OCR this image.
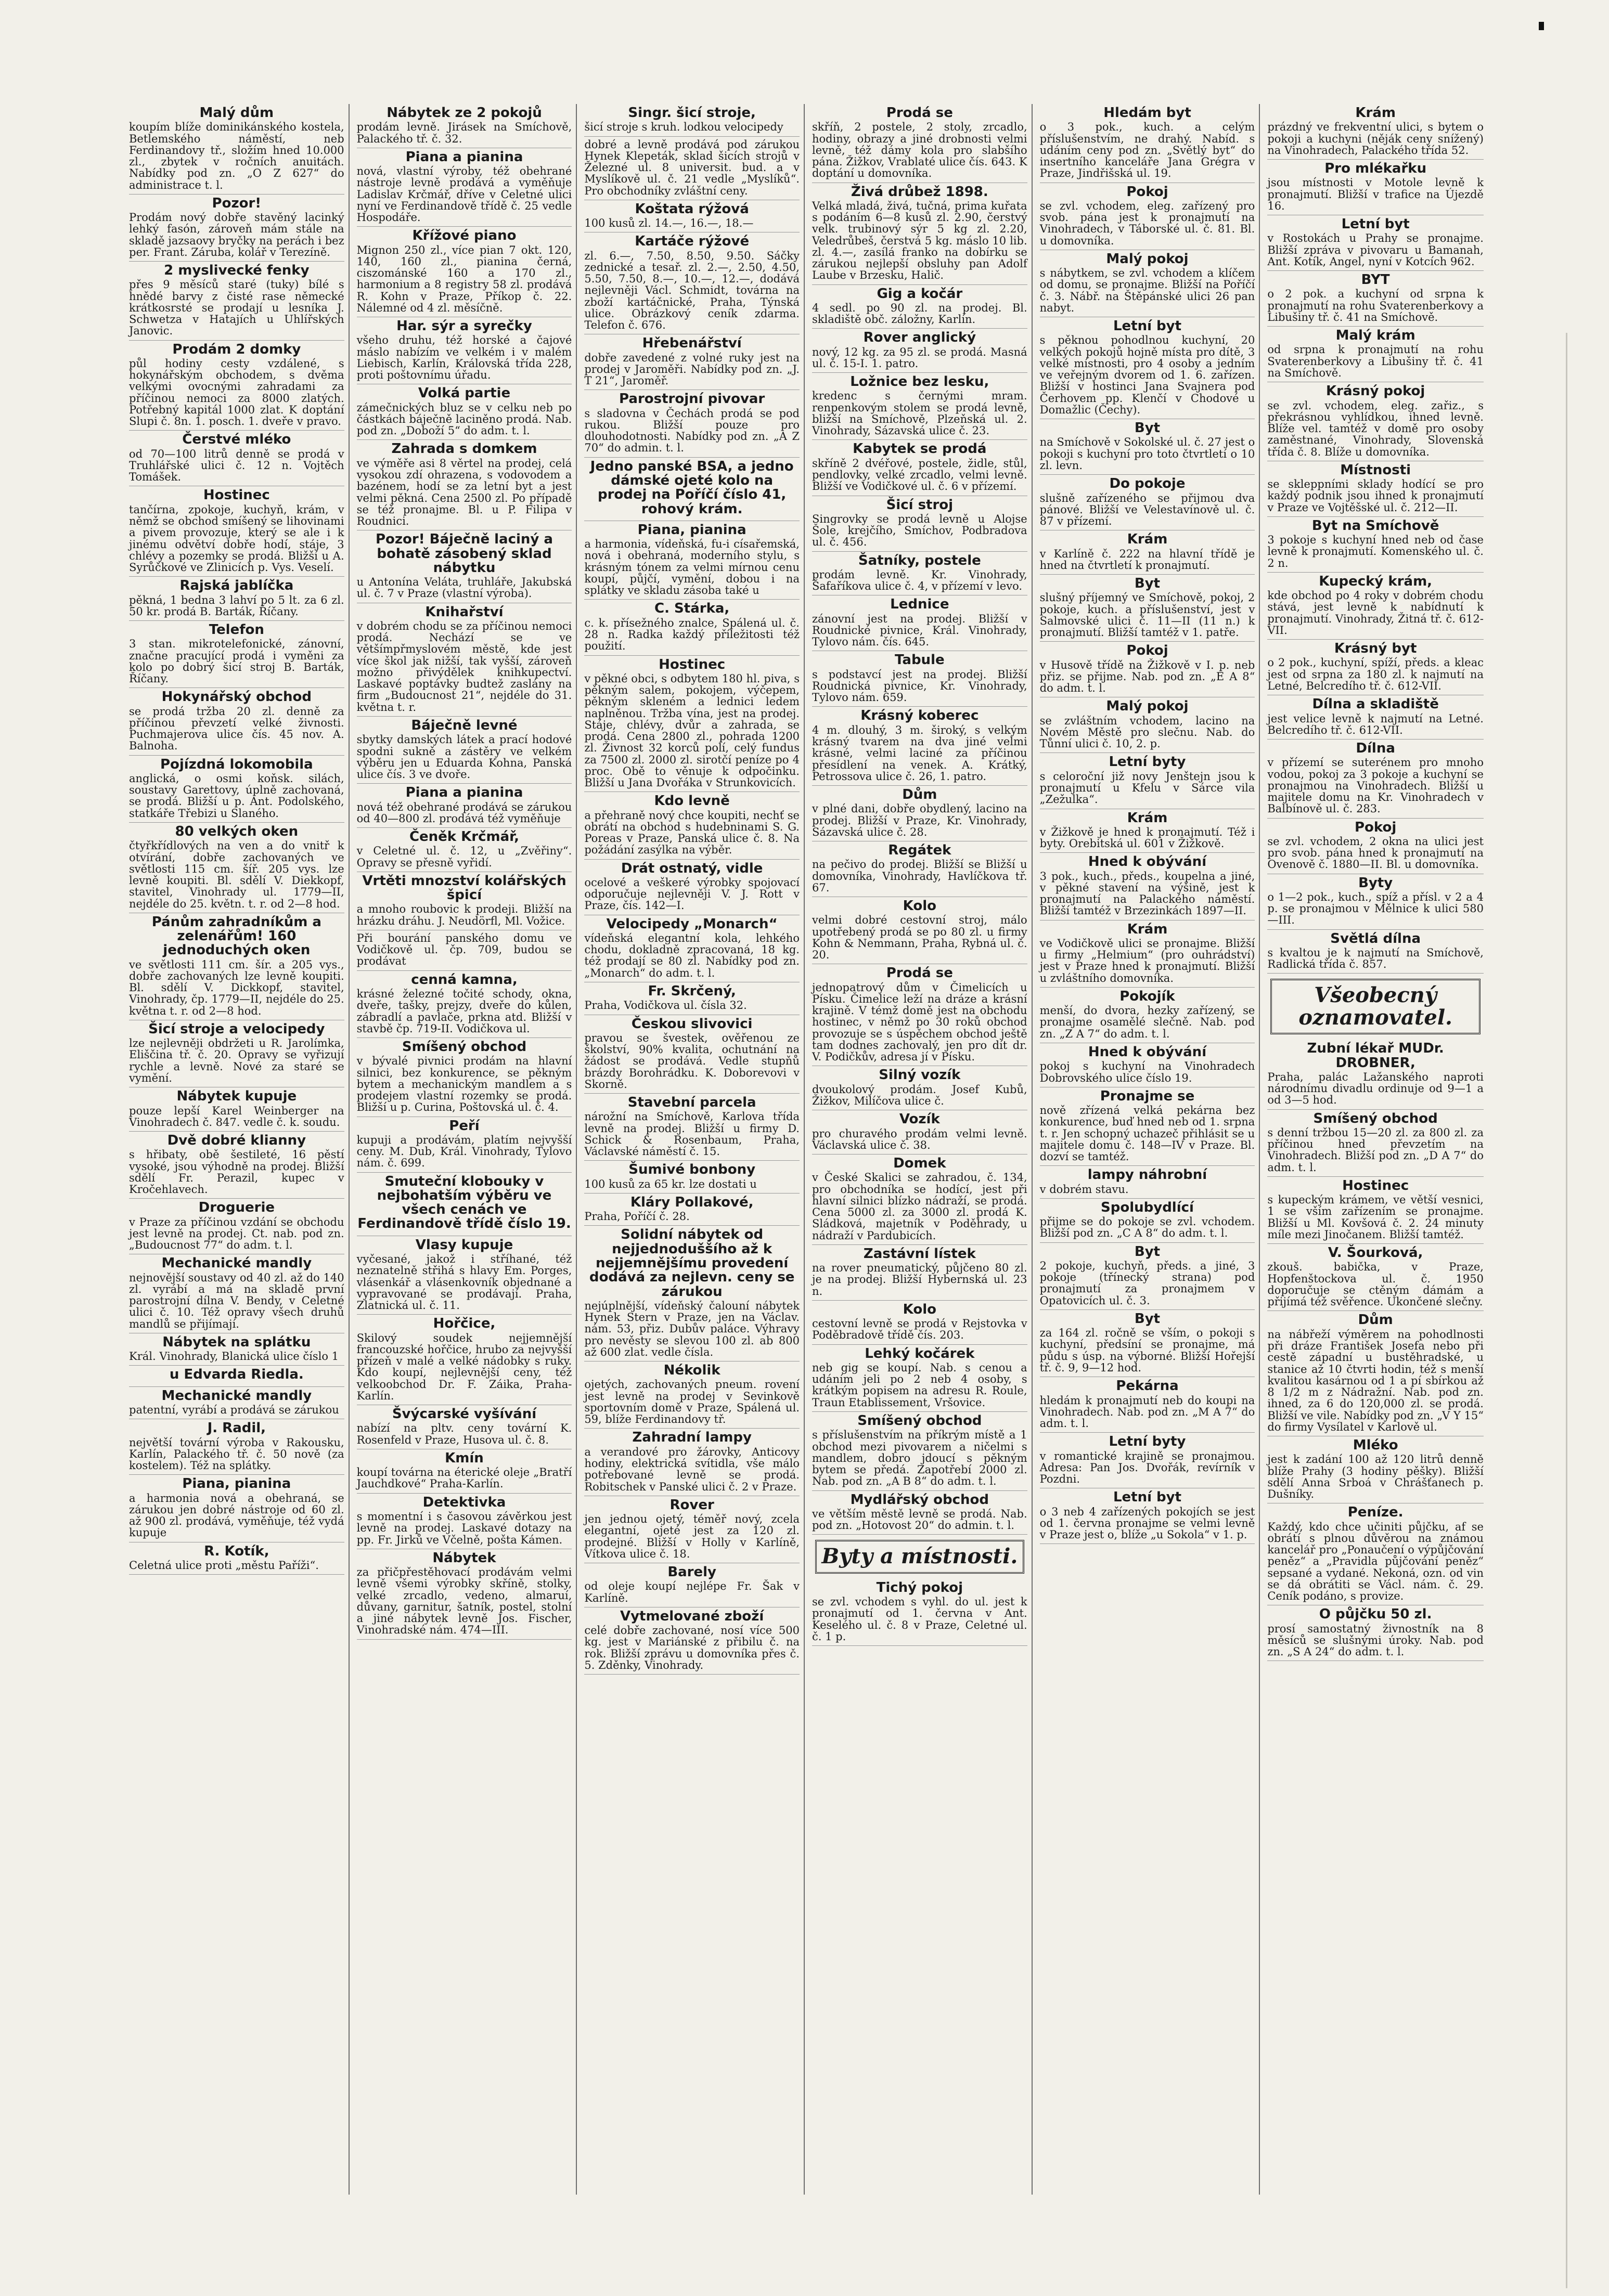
Malý dům
koupím blíže dominikánského kostela, Betlemského náměstí, neb Ferdinandovy tř., složím hned 10.000 zl., zbytek v ročních anuitách. Nabídky pod zn. „O Z 627“ do administrace t. l.
Pozor!
Prodám nový dobře stavěný lacinký lehký fasón, zároveň mám stále na skladě jazsaovy bryčky na perách i bez per. Frant. Záruba, kolář v Terezíně.
2 myslivecké fenky
přes 9 měsíců staré (tuky) bílé s hnědé barvy z čisté rase německé krátkosrsté se prodají u lesníka J. Schwetza v Hatajích u Uhlířských Janovic.
Prodám 2 domky
půl hodiny cesty vzdálené, s hokynářským obchodem, s dvěma velkými ovocnými zahradami za příčinou nemoci za 8000 zlatých. Potřebný kapitál 1000 zlat. K doptání Slupi č. 8n. 1. posch. 1. dveře v pravo.
Čerstvé mléko
od 70—100 litrů denně se prodá v Truhlářské ulici č. 12 n. Vojtěch Tomášek.
Hostinec
tančírna, zpokoje, kuchyň, krám, v němž se obchod smíšený se lihovinami a pivem provozuje, který se ale i k jinému odvětví dobře hodí, stáje, 3 chlévy a pozemky se prodá. Bližší u A. Syrůčkové ve Zlinicích p. Vys. Veselí.
Rajská jablíčka
pěkná, 1 bedna 3 lahví po 5 lt. za 6 zl. 50 kr. prodá B. Barták, Říčany.
Telefon
3 stan. mikrotelefonické, zánovní, značne pracující prodá i vyměni za kolo po dobrý šicí stroj B. Barták, Říčany.
Hokynářský obchod
se prodá tržba 20 zl. denně za příčinou převzetí velké živnosti. Puchmajerova ulice čís. 45 nov. A. Balnoha.
Pojízdná lokomobila
anglická, o osmi koňsk. silách, soustavy Garettovy, úplně zachovaná, se prodá. Bližší u p. Ant. Podolského, statkáře Třebizi u Slaného.
80 velkých oken
čtyřkřídlových na ven a do vnitř k otvírání, dobře zachovaných ve světlosti 115 cm. šíř. 205 vys. lze levně koupiti. Bl. sdělí V. Diekkopf, stavitel, Vinohrady ul. 1779—II, nejdéle do 25. květn. t. r. od 2—8 hod.
Pánům zahradníkům a zelenářům! 160 jednoduchých oken
ve světlosti 111 cm. šír. a 205 vys., dobře zachovaných lze levně koupiti. Bl. sdělí V. Dickkopf, stavitel, Vinohrady, čp. 1779—II, nejdéle do 25. května t. r. od 2—8 hod.
Šicí stroje a velocipedy
lze nejlevněji obdržeti u R. Jarolímka, Eliščina tř. č. 20. Opravy se vyřizují rychle a levně. Nové za staré se vymění.
Nábytek kupuje
pouze lepší Karel Weinberger na Vinohradech č. 847. vedle č. k. soudu.
Dvě dobré klianny
s hřibaty, obě šestileté, 16 pěstí vysoké, jsou výhodně na prodej. Bližší sdělí Fr. Perazil, kupec v Kročehlavech.
Droguerie
v Praze za příčinou vzdání se obchodu jest levně na prodej. Ct. nab. pod zn. „Budoucnost 77“ do adm. t. l.
Mechanické mandly
nejnovější soustavy od 40 zl. až do 140 zl. vyrábí a má na skladě první parostrojní dílna V. Bendy, v Celetné ulici č. 10. Též opravy všech druhů mandlů se přijímají.
Nábytek na splátku
Král. Vinohrady, Blanická ulice číslo 1
u Edvarda Riedla.
Mechanické mandly
patentní, vyrábí a prodává se zárukou
J. Radil,
největší tovární výroba v Rakousku, Karlín, Palackého tř. č. 50 nově (za kostelem). Též na splátky.
Piana, pianina
a harmonia nová a obehraná, se zárukou jen dobré nástroje od 60 zl. až 900 zl. prodává, vyměňuje, též vydá kupuje
R. Kotík,
Celetná ulice proti „městu Paříži“.
Nábytek ze 2 pokojů
prodám levně. Jirásek na Smíchově, Palackého tř. č. 32.
Piana a pianina
nová, vlastní výroby, též obehrané nástroje levně prodává a vyměňuje Ladislav Krčmář, dříve v Celetné ulici nyní ve Ferdinandově třídě č. 25 vedle Hospodáře.
Křížové piano
Mignon 250 zl., více pian 7 okt. 120, 140, 160 zl., pianina černá, ciszománské 160 a 170 zl., harmonium a 8 registry 58 zl. prodává R. Kohn v Praze, Příkop č. 22. Nálemné od 4 zl. měsíčně.
Har. sýr a syrečky
všeho druhu, též horské a čajové máslo nabízím ve velkém i v malém Liebisch, Karlín, Královská třída 228, proti poštovnímu úřadu.
Volká partie
zámečnických bluz se v celku neb po částkách báječně laciněno prodá. Nab. pod zn. „Doboží 5“ do adm. t. l.
Zahrada s domkem
ve výměře asi 8 věrtel na prodej, celá vysokou zdí ohrazena, s vodovodem a bazénem, hodí se za letní byt a jest velmi pěkná. Cena 2500 zl. Po případě se též pronajme. Bl. u P. Filipa v Roudnici.
Pozor! Báječně laciný a bohatě zásobený sklad nábytku
u Antonína Veláta, truhláře, Jakubská ul. č. 7 v Praze (vlastní výroba).
Knihařství
v dobrém chodu se za příčinou nemoci prodá. Nechází se ve většímpřmyslovém městě, kde jest více škol jak nižší, tak vyšší, zároveň možno přivýdělek knihkupectví. Laskavé poptávky budtež zaslány na firm „Budoucnost 21“, nejdéle do 31. května t. r.
Báječně levné
sbytky damských látek a prací hodové spodni sukně a zástěry ve velkém výběru jen u Eduarda Kohna, Panská ulice čís. 3 ve dvoře.
Piana a pianina
nová též obehrané prodává se zárukou od 40—800 zl. prodává též vyměňuje
Čeněk Krčmář,
v Celetné ul. č. 12, u „Zvěřiny“. Opravy se přesně vyřidí.
Vrtěti mnozství kolářských špicí
a mnoho roubovic k prodeji. Bližší na hrázku dráhu. J. Neudörfl, Ml. Vožice.
Při bourání panského domu ve Vodičkově ul. čp. 709, budou se prodávat
cenná kamna,
krásné železné točité schody, okna, dveře, tašky, prejzy, dveře do kůlen, zábradlí a pavlače, prkna atd. Bližší v stavbě čp. 719-II. Vodičkova ul.
Smíšený obchod
v bývalé pivnici prodám na hlavní silnici, bez konkurence, se pěkným bytem a mechanickým mandlem a s prodejem vlastní rozemky se prodá. Bližší u p. Curina, Poštovská ul. č. 4.
Peří
kupuji a prodávám, platím nejvyšší ceny. M. Dub, Král. Vinohrady, Tylovo nám. č. 699.
Smuteční klobouky v nejbohatším výběru ve všech cenách ve Ferdinandově třídě číslo 19.
Vlasy kupuje
vyčesané, jakož i stříhané, též neznatelně střihá s hlavy Em. Porges, vlásenkář a vlásenkovník objednané a vypravované se prodávají. Praha, Zlatnická ul. č. 11.
Hořčice,
Skilový soudek nejjemnější francouzské hořčice, hrubo za nejvyšší přízeň v malé a velké nádobky s ruky. Kdo koupí, nejlevnější ceny, též velkoobchod Dr. F. Záika, Praha-Karlín.
Švýcarské vyšívání
nabízí na pltv. ceny tovární K. Rosenfeld v Praze, Husova ul. č. 8.
Kmín
koupí továrna na éterické oleje „Bratří Jauchdkové“ Praha-Karlín.
Detektivka
s momentní i s časovou závěrkou jest levně na prodej. Laskavé dotazy na pp. Fr. Jirků ve Včelně, pošta Kámen.
Nábytek
za přičpřestěhovací prodávám velmi levně všemi výrobky skříně, stolky, velké zrcadlo, vedeno, almaruí, důvany, garnitur, šatník, postel, stolní a jiné nábytek levně Jos. Fischer, Vinohradské nám. 474—III.
Singr. šicí stroje,
šicí stroje s kruh. lodkou velocipedy
dobré a levně prodává pod zárukou Hynek Klepeták, sklad šicích strojů v Železné ul. 8 universit. bud. a v Myslíkově ul. č. 21 vedle „Myslíků“. Pro obchodníky zvláštní ceny.
Koštata rýžová
100 kusů zl. 14.—, 16.—, 18.—
Kartáče rýžové
zl. 6.—, 7.50, 8.50, 9.50. Sáčky zednické a tesař. zl. 2.—, 2.50, 4.50, 5.50, 7.50, 8.—, 10.—, 12.—, dodává nejlevněji Václ. Schmidt, továrna na zboží kartáčnické, Praha, Týnská ulice. Obrázkový ceník zdarma. Telefon č. 676.
Hřebenářství
dobře zavedené z volné ruky jest na prodej v Jaroměři. Nabídky pod zn. „J. T 21“, Jaroměř.
Parostrojní pivovar
s sladovna v Čechách prodá se pod rukou. Bližší pouze pro dlouhodotnosti. Nabídky pod zn. „A Z 70“ do admin. t. l.
Jedno panské BSA, a jedno dámské ojeté kolo na prodej na Poříčí číslo 41, rohový krám.
Piana, pianina
a harmonia, vídeňská, fu-i císařemská, nová i obehraná, moderního stylu, s krásným tónem za velmi mírnou cenu koupí, půjčí, vymění, dobou i na splátky ve skladu zásoba také u
C. Stárka,
c. k. přísežného znalce, Spálená ul. č. 28 n. Radka každý příležitosti též použití.
Hostinec
v pěkné obci, s odbytem 180 hl. piva, s pěkným salem, pokojem, výčepem, pěkným skleném a lednici ledem naplněnou. Tržba vína, jest na prodej. Stáje, chlévy, dvůr a zahrada, se prodá. Cena 2800 zl., pohrada 1200 zl. Živnost 32 korců polí, celý fundus za 7500 zl. 2000 zl. sirotčí peníze po 4 proc. Obě to věnuje k odpočinku. Bližší u Jana Dvořáka v Strunkovicích.
Kdo levně
a přehraně nový chce koupiti, nechť se obrátí na obchod s hudebninami S. G. Poreas v Praze, Panská ulice č. 8. Na požádání zasýlka na výběr.
Drát ostnatý, vidle
ocelové a veškeré výrobky spojovací odporučuje nejlevněji V. J. Rott v Praze, čís. 142—I.
Velocipedy „Monarch“
vídeňská elegantní kola, lehkého chodu, dokladně zpracovaná, 18 kg. též prodají se 80 zl. Nabídky pod zn. „Monarch“ do adm. t. l.
Fr. Skrčený,
Praha, Vodičkova ul. čísla 32.
Českou slivovici
pravou se švestek, ověřenou ze školství, 90% kvalita, ochutnání na žádost se prodává. Vedle stupňů brázdy Borohrádku. K. Doborevovi v Skorně.
Stavební parcela
nárožní na Smíchově, Karlova třída levně na prodej. Bližší u firmy D. Schick & Rosenbaum, Praha, Václavské náměstí č. 15.
Šumivé bonbony
100 kusů za 65 kr. lze dostati u
Kláry Pollakové,
Praha, Poříčí č. 28.
Solidní nábytek od nejjednoduššího až k nejjemnějšímu provedení dodává za nejlevn. ceny se zárukou
nejúplnější, vídeňský čalouní nábytek Hynek Stern v Praze, jen na Václav. nám. 53, přiz. Dubův paláce. Výhravy pro nevěsty se slevou 100 zl. ab 800 až 600 zlat. vedle čísla.
Nékolik
ojetých, zachovaných pneum. rovení jest levně na prodej v Sevinkově sportovním domě v Praze, Spálená ul. 59, blíže Ferdinandovy tř.
Zahradní lampy
a verandové pro žárovky, Anticovy hodiny, elektrická svítidla, vše málo potřebované levně se prodá. Robitschek v Panské ulici č. 2 v Praze.
Rover
jen jednou ojetý, téměř nový, zcela elegantní, ojeté jest za 120 zl. prodejné. Bližší v Holly v Karlíně, Vítkova ulice č. 18.
Barely
od oleje koupí nejlépe Fr. Šak v Karlíně.
Vytmelované zboží
celé dobře zachované, nosí více 500 kg. jest v Mariánské z přibilu č. na rok. Bližší zprávu u domovníka přes č. 5. Zděnky, Vinohrady.
Prodá se
skříň, 2 postele, 2 stoly, zrcadlo, hodiny, obrazy a jiné drobnosti velmi levně, též dámy kola pro slabšího pána. Žižkov, Vrablaté ulice čís. 643. K doptání u domovníka.
Živá drůbež 1898.
Velká mladá, živá, tučná, prima kuřata s podáním 6—8 kusů zl. 2.90, čerstvý velk. trubinový sýr 5 kg zl. 2.20, Veledrůbeš, čerstvá 5 kg. máslo 10 lib. zl. 4.—, zasílá franko na dobírku se zárukou nejlepší obsluhy pan Adolf Laube v Brzesku, Halič.
Gig a kočár
4 sedl. po 90 zl. na prodej. Bl. skladiště obč. záložny, Karlín.
Rover anglický
nový, 12 kg. za 95 zl. se prodá. Masná ul. č. 15-I. 1. patro.
Ložnice bez lesku,
kredenc s černými mram. renpenkovým stolem se prodá levně, bližší na Smíchově, Plzeňská ul. 2. Vinohrady, Sázavská ulice č. 23.
Kabytek se prodá
skříně 2 dvéřové, postele, židle, stůl, pendlovky, velké zrcadlo, velmi levně. Bližší ve Vodičkové ul. č. 6 v přízemí.
Šicí stroj
Singrovky se prodá levně u Alojse Šole, krejčího, Smíchov, Podbradova ul. č. 456.
Šatníky, postele
prodám levně. Kr. Vinohrady, Šafaříkova ulice č. 4, v přízemí v levo.
Lednice
zánovní jest na prodej. Bližší v Roudnické pivnice, Král. Vinohrady, Tylovo nám. čís. 645.
Tabule
s podstavcí jest na prodej. Bližší Roudnická pivnice, Kr. Vinohrady, Tylovo nám. 659.
Krásný koberec
4 m. dlouhý, 3 m. široký, s velkým krásný tvarem na dva jiné velmi krásné, velmi laciné za příčinou přesídlení na venek. A. Krátký, Petrossova ulice č. 26, 1. patro.
Dům
v plné dani, dobře obydlený, lacino na prodej. Bližší v Praze, Kr. Vinohrady, Sázavská ulice č. 28.
Regátek
na pečivo do prodej. Bližší se Bližší u domovníka, Vinohrady, Havlíčkova tř. 67.
Kolo
velmi dobré cestovní stroj, málo upotřebený prodá se po 80 zl. u firmy Kohn & Nemmann, Praha, Rybná ul. č. 20.
Prodá se
jednopatrový dům v Čimelicích u Písku. Čimelice leží na dráze a krásní krajině. V témž domě jest na obchodu hostinec, v němž po 30 roků obchod provozuje se s úspěchem obchod ještě tam dodnes zachovalý, jen pro dít dr. V. Podičkův, adresa jí v Písku.
Silný vozík
dvoukolový prodám. Josef Kubů, Žižkov, Milíčova ulice č.
Vozík
pro churavého prodám velmi levně. Václavská ulice č. 38.
Domek
v České Skalici se zahradou, č. 134, pro obchodníka se hodící, jest při hlavní silnici blízko nádraží, se prodá. Cena 5000 zl. za 3000 zl. prodá K. Sládková, majetník v Poděhrady, u nádraží v Pardubicích.
Zastávní lístek
na rover pneumatický, půjčeno 80 zl. je na prodej. Bližší Hybernská ul. 23 n.
Kolo
cestovní levně se prodá v Rejstovka v Poděbradově třídě čís. 203.
Lehký kočárek
neb gig se koupí. Nab. s cenou a udáním jeli po 2 neb 4 osoby, s krátkým popisem na adresu R. Roule, Traun Etablissement, Vršovice.
Smíšený obchod
s příslušenstvím na příkrým místě a 1 obchod mezi pivovarem a ničelmi s mandlem, dobro jdoucí s pěkným bytem se předá. Zapotřebí 2000 zl. Nab. pod zn. „A B 8“ do adm. t. l.
Mydlářský obchod
ve větším městě levně se prodá. Nab. pod zn. „Hotovost 20“ do admin. t. l.
Byty a místnosti.
Tichý pokoj
se zvl. vchodem s vyhl. do ul. jest k pronajmutí od 1. června v Ant. Keselého ul. č. 8 v Praze, Celetné ul. č. 1 p.
Hledám byt
o 3 pok., kuch. a celým příslušenstvím, ne drahý. Nabíd. s udáním ceny pod zn. „Světlý byt“ do insertního kanceláře Jana Grégra v Praze, Jindřišská ul. 19.
Pokoj
se zvl. vchodem, eleg. zařízený pro svob. pána jest k pronajmutí na Vinohradech, v Táborské ul. č. 81. Bl. u domovníka.
Malý pokoj
s nábytkem, se zvl. vchodem a klíčem od domu, se pronajme. Bližší na Poříčí č. 3. Nábř. na Štěpánské ulici 26 pan nabyt.
Letní byt
s pěknou pohodlnou kuchyní, 20 velkých pokojů hojně místa pro dítě, 3 velké místnosti, pro 4 osoby a jedním ve veřejným dvorem od 1. 6. zařízen. Bližší v hostinci Jana Svajnera pod Čerhovem pp. Klenčí v Chodové u Domažlic (Čechy).
Byt
na Smíchově v Sokolské ul. č. 27 jest o pokoji s kuchyní pro toto čtvrtletí o 10 zl. levn.
Do pokoje
slušně zařízeného se přijmou dva pánové. Bližší ve Velestavínově ul. č. 87 v přízemí.
Krám
v Karlíně č. 222 na hlavní třídě je hned na čtvrtletí k pronajmutí.
Byt
slušný příjemný ve Smíchově, pokoj, 2 pokoje, kuch. a příslušenství, jest v Salmovské ulici č. 11—II (11 n.) k pronajmutí. Bližší tamtéž v 1. patře.
Pokoj
v Husově třídě na Žižkově v I. p. neb přiz. se přijme. Nab. pod zn. „E A 8“ do adm. t. l.
Malý pokoj
se zvláštním vchodem, lacino na Novém Městě pro slečnu. Nab. do Tůnní ulici č. 10, 2. p.
Letní byty
s celoroční již novy Jenštejn jsou k pronajmutí u Kfelu v Sárce vila „Zežulka“.
Krám
v Žižkově je hned k pronajmutí. Též i byty. Orebitská ul. 601 v Žižkově.
Hned k obývání
3 pok., kuch., předs., koupelna a jiné, v pěkné stavení na výšině, jest k pronajmutí na Palackého náměstí. Bližší tamtéž v Brzezinkách 1897—II.
Krám
ve Vodičkově ulici se pronajme. Bližší u firmy „Helmium“ (pro ouhrádství) jest v Praze hned k pronajmutí. Bližší u zvláštního domovníka.
Pokojík
menší, do dvora, hezky zařízený, se pronajme osamělé slečně. Nab. pod zn. „Z A 7“ do adm. t. l.
Hned k obývání
pokoj s kuchyní na Vinohradech Dobrovského ulice číslo 19.
Pronajme se
nově zřízená velká pekárna bez konkurence, buď hned neb od 1. srpna t. r. Jen schopný uchazeč přihlásit se u majitele domu č. 148—IV v Praze. Bl. dozví se tamtéž.
lampy náhrobní
v dobrém stavu.
Spolubydlící
přijme se do pokoje se zvl. vchodem. Bližší pod zn. „C A 8“ do adm. t. l.
Byt
2 pokoje, kuchyň, předs. a jiné, 3 pokoje (třínecký strana) pod pronajmutí za pronajmem v Opatovicích ul. č. 3.
Byt
za 164 zl. ročně se vším, o pokoji s kuchyní, předsíní se pronajme, má půdu s úsp. na výborné. Bližší Hořejší tř. č. 9, 9—12 hod.
Pekárna
hledám k pronajmutí neb do koupi na Vinohradech. Nab. pod zn. „M A 7“ do adm. t. l.
Letní byty
v romantické krajině se pronajmou. Adresa: Pan Jos. Dvořák, revírník v Pozdni.
Letní byt
o 3 neb 4 zařízených pokojích se jest od 1. června pronajme se velmi levně v Praze jest o, blíže „u Sokola“ v 1. p.
Krám
prázdný ve frekventní ulici, s bytem o pokoji a kuchyni (něják ceny snížený) na Vinohradech, Palackého třída 52.
Pro mlékařku
jsou místnosti v Motole levně k pronajmutí. Bližší v trafice na Újezdě 16.
Letní byt
v Rostokách u Prahy se pronajme. Bližší zpráva v pivovaru u Bamanah, Ant. Kotík, Angel, nyní v Kotcích 962.
BYT
o 2 pok. a kuchyní od srpna k pronajmutí na rohu Svaterenberkovy a Libušiny tř. č. 41 na Smíchově.
Malý krám
od srpna k pronajmutí na rohu Svaterenberkovy a Libušiny tř. č. 41 na Smíchově.
Krásný pokoj
se zvl. vchodem, eleg. zařiz., s překrásnou vyhlídkou, ihned levně. Blíže vel. tamtéž v domě pro osoby zaměstnané, Vinohrady, Slovenská třída č. 8. Blíže u domovníka.
Místnosti
se skleppními sklady hodící se pro každý podnik jsou ihned k pronajmutí v Praze ve Vojtěšské ul. č. 212—II.
Byt na Smíchově
3 pokoje s kuchyní hned neb od čase levně k pronajmutí. Komenského ul. č. 2 n.
Kupecký krám,
kde obchod po 4 roky v dobrém chodu stává, jest levně k nabídnutí k pronajmutí. Vinohrady, Žitná tř. č. 612-VII.
Krásný byt
o 2 pok., kuchyní, spíží, předs. a kleac jest od srpna za 180 zl. k najmutí na Letné, Belcredího tř. č. 612-VII.
Dílna a skladiště
jest velice levně k najmutí na Letné. Belcredího tř. č. 612-VII.
Dílna
v přízemí se suterénem pro mnoho vodou, pokoj za 3 pokoje a kuchyní se pronajmou na Vinohradech. Bližší u majitele domu na Kr. Vinohradech v Balbínově ul. č. 283.
Pokoj
se zvl. vchodem, 2 okna na ulici jest pro svob. pána hned k pronajmutí na Ovenově č. 1880—II. Bl. u domovníka.
Byty
o 1—2 pok., kuch., spíž a přísl. v 2 a 4 p. se pronajmou v Mělnice k ulici 580—III.
Světlá dílna
s kvaltou je k najmutí na Smíchově, Radlická třída č. 857.
Všeobecný oznamovatel.
Zubní lékař MUDr. DROBNER,
Praha, palác Lažanského naproti národnímu divadlu ordinuje od 9—1 a od 3—5 hod.
Smíšený obchod
s denní tržbou 15—20 zl. za 800 zl. za příčinou hned převzetím na Vinohradech. Bližší pod zn. „D A 7“ do adm. t. l.
Hostinec
s kupeckým krámem, ve větší vesnici, 1 se vším zařízením se pronajme. Bližší u Ml. Kovšová č. 2. 24 minuty míle mezi Jinočanem. Bližší tamtéž.
V. Šourková,
zkouš. babička, v Praze, Hopfenštockova ul. č. 1950 doporučuje se ctěným dámám a přijímá též svěřence. Ukončené slečny.
Dům
na nábřeží výměrem na pohodlnosti při dráze František Josefa nebo při cestě západní u bustěhradské, u stanice až 10 čtvrti hodin, též s menší kvalitou kasárnou od 1 a pí sbírkou až 8 1/2 m z Nádražní. Nab. pod zn. ihned, za 6 do 120,000 zl. se prodá. Bližší ve vile. Nabídky pod zn. „V Y 15“ do firmy Vysílatel v Karlově ul.
Mléko
jest k zadání 100 až 120 litrů denně blíže Prahy (3 hodiny pěšky). Bližší sdělí Anna Srboá v Chrášťanech p. Dušníky.
Peníze.
Každý, kdo chce učiniti půjčku, af se obrátí s plnou důvěrou na známou kancelář pro „Ponaučení o výpůjčování peněz“ a „Pravidla půjčování peněz“ sepsané a vydané. Nekoná, ozn. od vin se dá obrátiti se Václ. nám. č. 29. Ceník podáno, s provize.
O půjčku 50 zl.
prosí samostatný živnostník na 8 měsíců se slušnými úroky. Nab. pod zn. „S A 24“ do adm. t. l.
